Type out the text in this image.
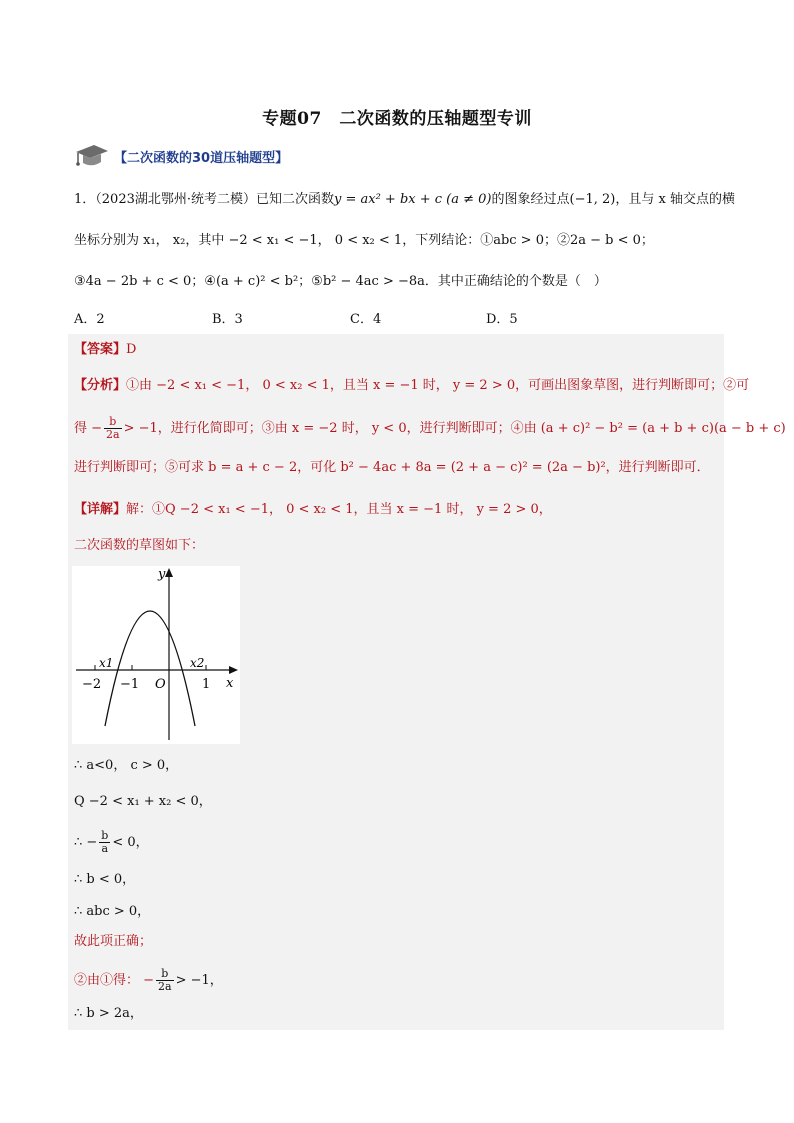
专题07　二次函数的压轴题型专训
【二次函数的30道压轴题型】
1．（2023湖北鄂州·统考二模）已知二次函数y = ax² + bx + c (a ≠ 0)的图象经过点(−1, 2)，且与 x 轴交点的横
坐标分别为 x₁， x₂，其中 −2 < x₁ < −1， 0 < x₂ < 1，下列结论：①abc > 0；②2a − b < 0；
③4a − 2b + c < 0；④(a + c)² < b²；⑤b² − 4ac > −8a．其中正确结论的个数是（　）
A．2	B．3	C．4	D．5
【答案】D
【分析】①由 −2 < x₁ < −1， 0 < x₂ < 1，且当 x = −1 时， y = 2 > 0，可画出图象草图，进行判断即可；②可
得 − $\frac{b}{2a} > -1$，进行化简即可；③由 x = −2 时， y < 0，进行判断即可；④由 (a + c)² − b² = (a + b + c)(a − b + c)
进行判断即可；⑤可求 b = a + c − 2，可化 b² − 4ac + 8a = (2 + a − c)² = (2a − b)²，进行判断即可．
【详解】解：①Q −2 < x₁ < −1， 0 < x₂ < 1，且当 x = −1 时， y = 2 > 0，
二次函数的草图如下：
y
x
O
−2 −1	1
x1	x2
∴ a<0， c > 0，
Q −2 < x₁ + x₂ < 0，
∴ − $\frac{b}{a} < 0$，
∴ b < 0，
∴ abc > 0，
故此项正确；
②由①得： − $\frac{b}{2a} > -1$，
∴ b > 2a，
